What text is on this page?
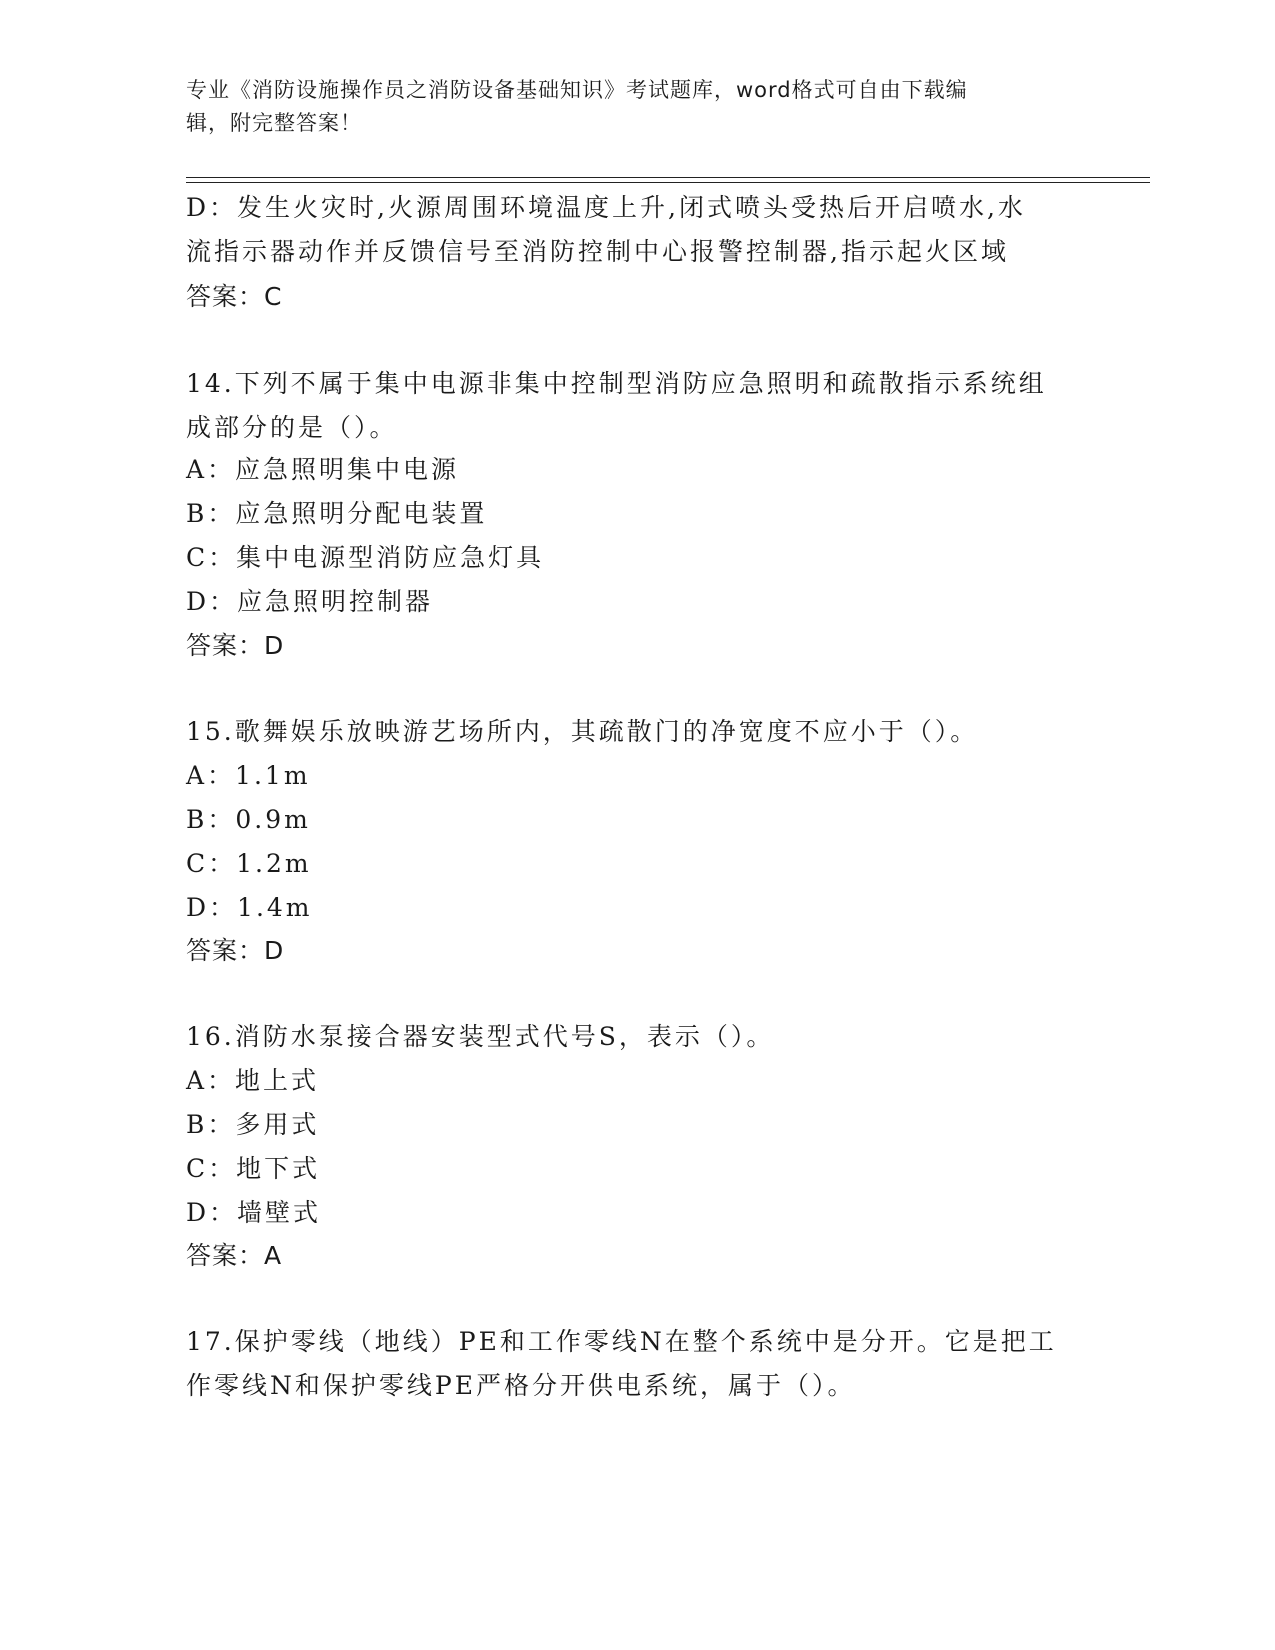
专业《消防设施操作员之消防设备基础知识》考试题库，word格式可自由下载编
辑，附完整答案！
D：发生火灾时,火源周围环境温度上升,闭式喷头受热后开启喷水,水
流指示器动作并反馈信号至消防控制中心报警控制器,指示起火区域
答案：C
14.下列不属于集中电源非集中控制型消防应急照明和疏散指示系统组
成部分的是（）。
A：应急照明集中电源
B：应急照明分配电装置
C：集中电源型消防应急灯具
D：应急照明控制器
答案：D
15.歌舞娱乐放映游艺场所内，其疏散门的净宽度不应小于（）。
A：1.1m
B：0.9m
C：1.2m
D：1.4m
答案：D
16.消防水泵接合器安装型式代号S，表示（）。
A：地上式
B：多用式
C：地下式
D：墙壁式
答案：A
17.保护零线（地线）PE和工作零线N在整个系统中是分开。它是把工
作零线N和保护零线PE严格分开供电系统，属于（）。
